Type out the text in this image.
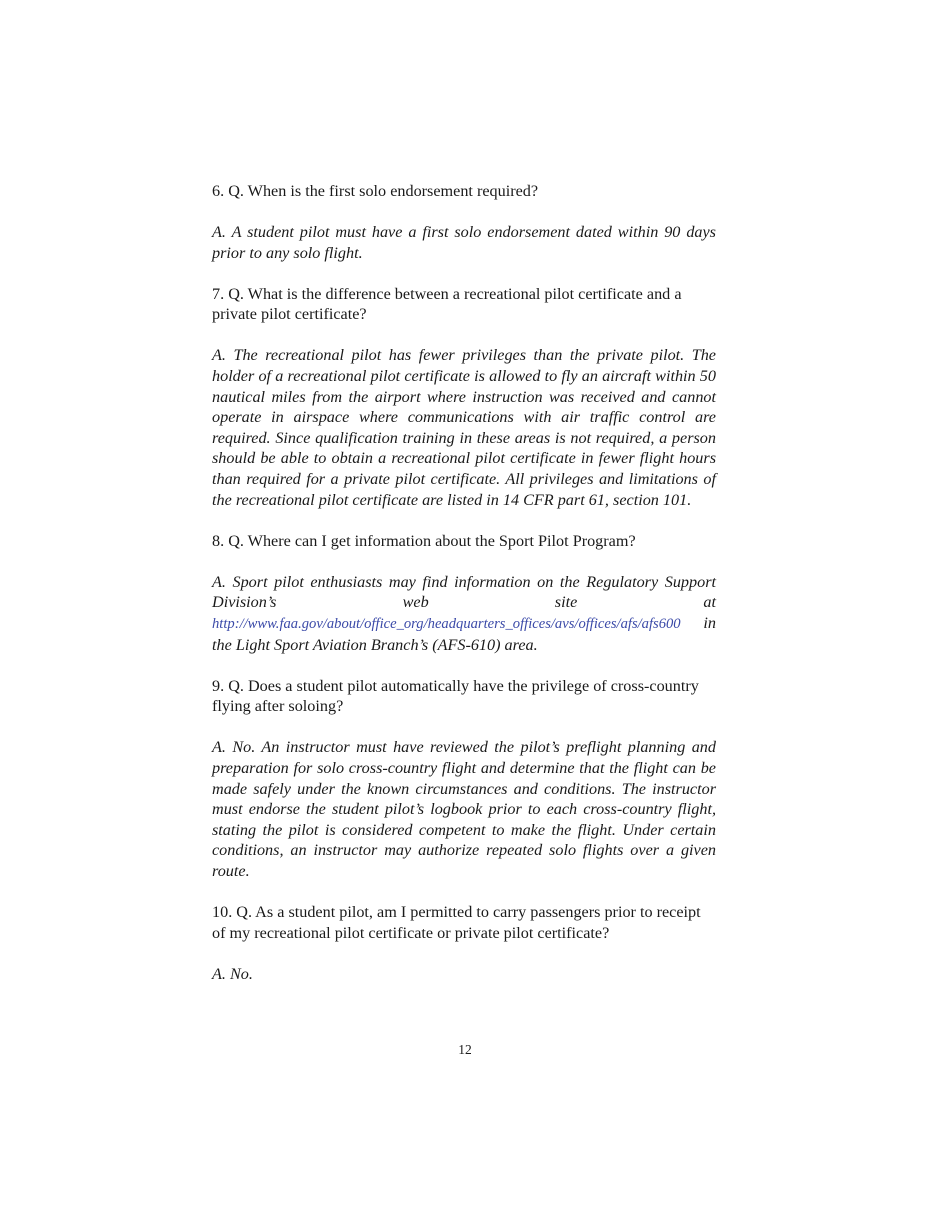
6. Q. When is the first solo endorsement required?

A. A student pilot must have a first solo endorsement dated within 90 days prior to any solo flight.

7. Q. What is the difference between a recreational pilot certificate and a private pilot certificate?

A. The recreational pilot has fewer privileges than the private pilot. The holder of a recreational pilot certificate is allowed to fly an aircraft within 50 nautical miles from the airport where instruction was received and cannot operate in airspace where communications with air traffic control are required. Since qualification training in these areas is not required, a person should be able to obtain a recreational pilot certificate in fewer flight hours than required for a private pilot certificate. All privileges and limitations of the recreational pilot certificate are listed in 14 CFR part 61, section 101.

8. Q. Where can I get information about the Sport Pilot Program?

A. Sport pilot enthusiasts may find information on the Regulatory Support Division’s web site at http://www.faa.gov/about/office_org/headquarters_offices/avs/offices/afs/afs600 in the Light Sport Aviation Branch’s (AFS-610) area.

9. Q. Does a student pilot automatically have the privilege of cross-country flying after soloing?

A. No. An instructor must have reviewed the pilot’s preflight planning and preparation for solo cross-country flight and determine that the flight can be made safely under the known circumstances and conditions. The instructor must endorse the student pilot’s logbook prior to each cross-country flight, stating the pilot is considered competent to make the flight. Under certain conditions, an instructor may authorize repeated solo flights over a given route.

10. Q. As a student pilot, am I permitted to carry passengers prior to receipt of my recreational pilot certificate or private pilot certificate?

A. No.

12
